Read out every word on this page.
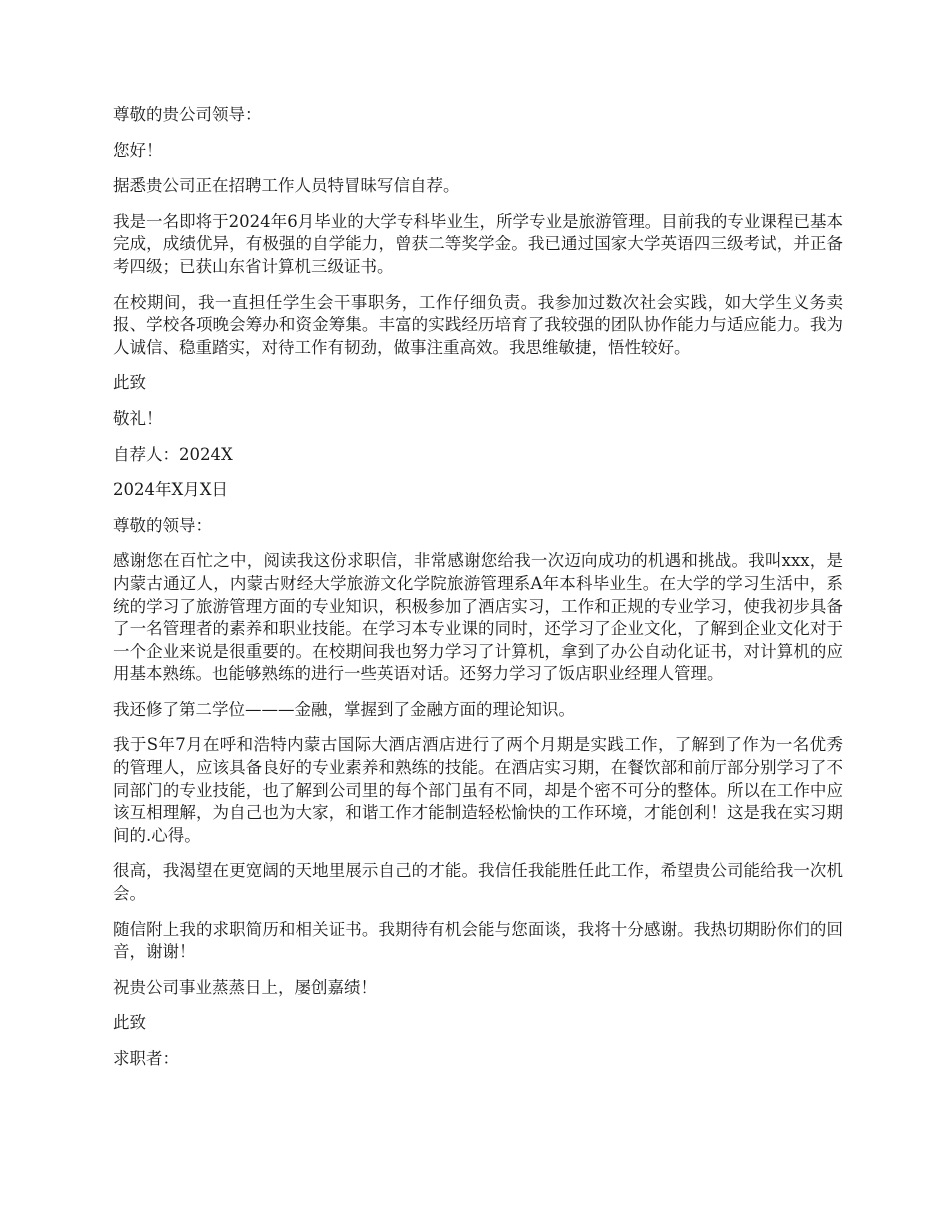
尊敬的贵公司领导：

您好！

据悉贵公司正在招聘工作人员特冒昧写信自荐。

我是一名即将于2024年6月毕业的大学专科毕业生，所学专业是旅游管理。目前我的专业课程已基本完成，成绩优异，有极强的自学能力，曾获二等奖学金。我已通过国家大学英语四三级考试，并正备考四级；已获山东省计算机三级证书。

在校期间，我一直担任学生会干事职务，工作仔细负责。我参加过数次社会实践，如大学生义务卖报、学校各项晚会筹办和资金筹集。丰富的实践经历培育了我较强的团队协作能力与适应能力。我为人诚信、稳重踏实，对待工作有韧劲，做事注重高效。我思维敏捷，悟性较好。

此致

敬礼！

自荐人：2024X

2024年X月X日

尊敬的领导：

感谢您在百忙之中，阅读我这份求职信，非常感谢您给我一次迈向成功的机遇和挑战。我叫xxx，是内蒙古通辽人，内蒙古财经大学旅游文化学院旅游管理系A年本科毕业生。在大学的学习生活中，系统的学习了旅游管理方面的专业知识，积极参加了酒店实习，工作和正规的专业学习，使我初步具备了一名管理者的素养和职业技能。在学习本专业课的同时，还学习了企业文化，了解到企业文化对于一个企业来说是很重要的。在校期间我也努力学习了计算机，拿到了办公自动化证书，对计算机的应用基本熟练。也能够熟练的进行一些英语对话。还努力学习了饭店职业经理人管理。

我还修了第二学位———金融，掌握到了金融方面的理论知识。

我于S年7月在呼和浩特内蒙古国际大酒店酒店进行了两个月期是实践工作，了解到了作为一名优秀的管理人，应该具备良好的专业素养和熟练的技能。在酒店实习期，在餐饮部和前厅部分别学习了不同部门的专业技能，也了解到公司里的每个部门虽有不同，却是个密不可分的整体。所以在工作中应该互相理解，为自己也为大家，和谐工作才能制造轻松愉快的工作环境，才能创利！这是我在实习期间的.心得。

很高，我渴望在更宽阔的天地里展示自己的才能。我信任我能胜任此工作，希望贵公司能给我一次机会。

随信附上我的求职简历和相关证书。我期待有机会能与您面谈，我将十分感谢。我热切期盼你们的回音，谢谢！

祝贵公司事业蒸蒸日上，屡创嘉绩！

此致

求职者：
